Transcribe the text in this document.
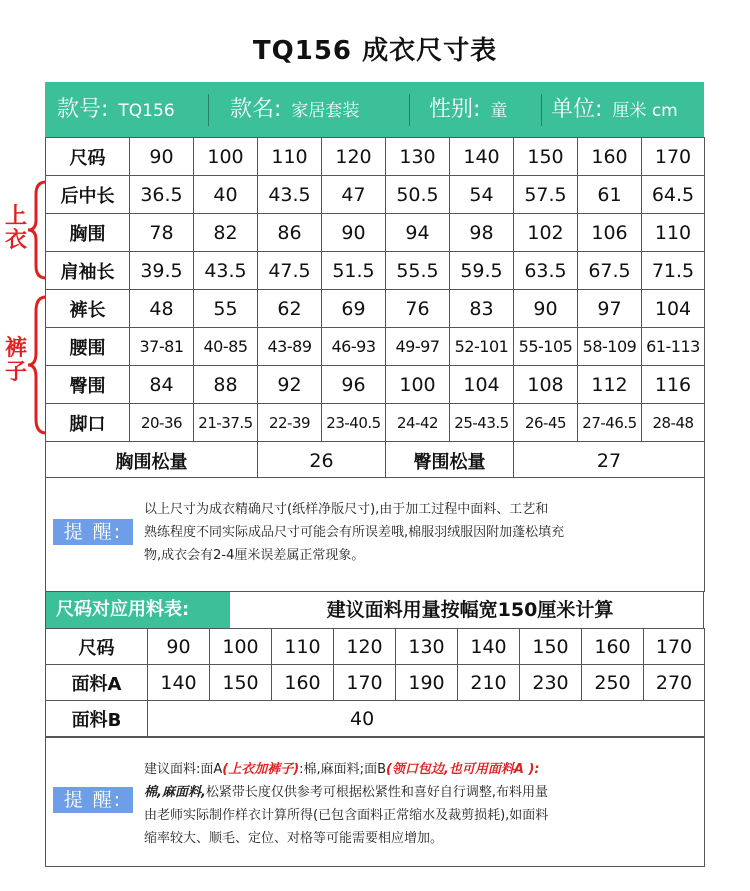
TQ156 成衣尺寸表
款号: TQ156	款名: 家居套装	性别: 童 单位: 厘米 cm
尺码	90	100	110	120	130	140	150	160	170
后中长	36.5	40	43.5	47	50.5	54	57.5	61	64.5
胸围	78	82	86	90	94	98	102	106	110
肩袖长	39.5	43.5	47.5	51.5	55.5	59.5	63.5	67.5	71.5
裤长	48	55	62	69	76	83	90	97	104
腰围	37-81	40-85	43-89	46-93	49-97	52-101	55-105	58-109	61-113
臀围	84	88	92	96	100	104	108	112	116
脚口	20-36	21-37.5	22-39	23-40.5	24-42	25-43.5	26-45	27-46.5	28-48
胸围松量			26		臀围松量		27		
上
衣
裤
子
提 醒:
以上尺寸为成衣精确尺寸(纸样净版尺寸),由于加工过程中面料、工艺和
熟练程度不同实际成品尺寸可能会有所误差哦,棉服羽绒服因附加蓬松填充
物,成衣会有2-4厘米误差属正常现象。
尺码对应用料表:	建议面料用量按幅宽150厘米计算
尺码	90	100	110	120	130	140	150	160	170
面料A	140	150	160	170	190	210	230	250	270
面料B	40								
提 醒:
建议面料:面A(上衣加裤子):棉,麻面料;面B(领口包边,也可用面料A ):
棉,麻面料,松紧带长度仅供参考可根据松紧性和喜好自行调整,布料用量
由老师实际制作样衣计算所得(已包含面料正常缩水及裁剪损耗),如面料
缩率较大、顺毛、定位、对格等可能需要相应增加。
